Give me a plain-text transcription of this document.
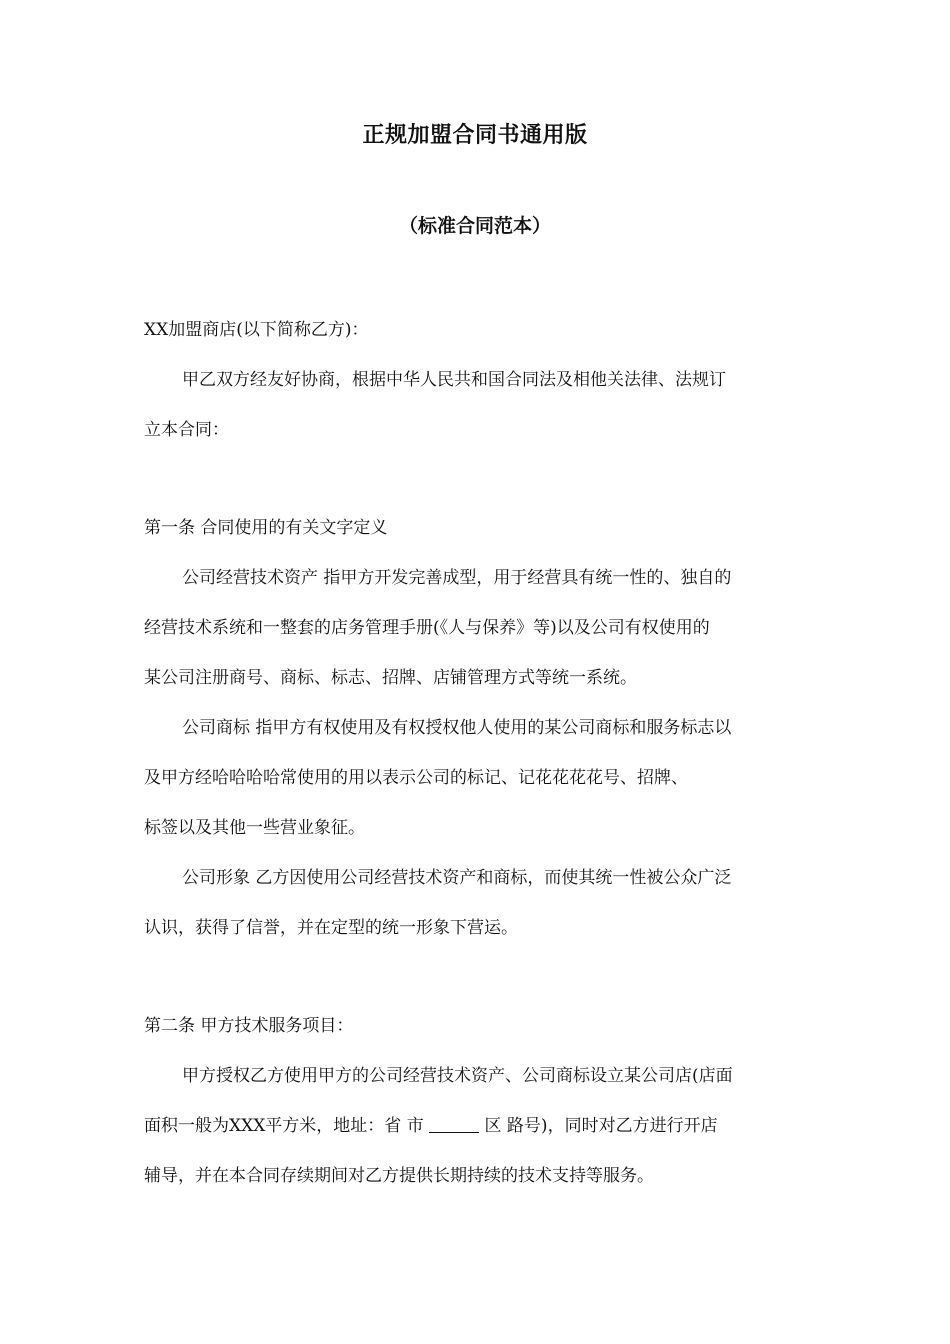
正规加盟合同书通用版
（标准合同范本）
XX加盟商店(以下简称乙方)：
甲乙双方经友好协商，根据中华人民共和国合同法及相他关法律、法规订
立本合同：
第一条 合同使用的有关文字定义
公司经营技术资产 指甲方开发完善成型，用于经营具有统一性的、独自的
经营技术系统和一整套的店务管理手册(《人与保养》等)以及公司有权使用的
某公司注册商号、商标、标志、招牌、店铺管理方式等统一系统。
公司商标 指甲方有权使用及有权授权他人使用的某公司商标和服务标志以
及甲方经哈哈哈哈常使用的用以表示公司的标记、记花花花花号、招牌、
标签以及其他一些营业象征。
公司形象 乙方因使用公司经营技术资产和商标，而使其统一性被公众广泛
认识，获得了信誉，并在定型的统一形象下营运。
第二条 甲方技术服务项目：
甲方授权乙方使用甲方的公司经营技术资产、公司商标设立某公司店(店面
面积一般为XXX平方米，地址：省 市	区 路号)，同时对乙方进行开店
辅导，并在本合同存续期间对乙方提供长期持续的技术支持等服务。
